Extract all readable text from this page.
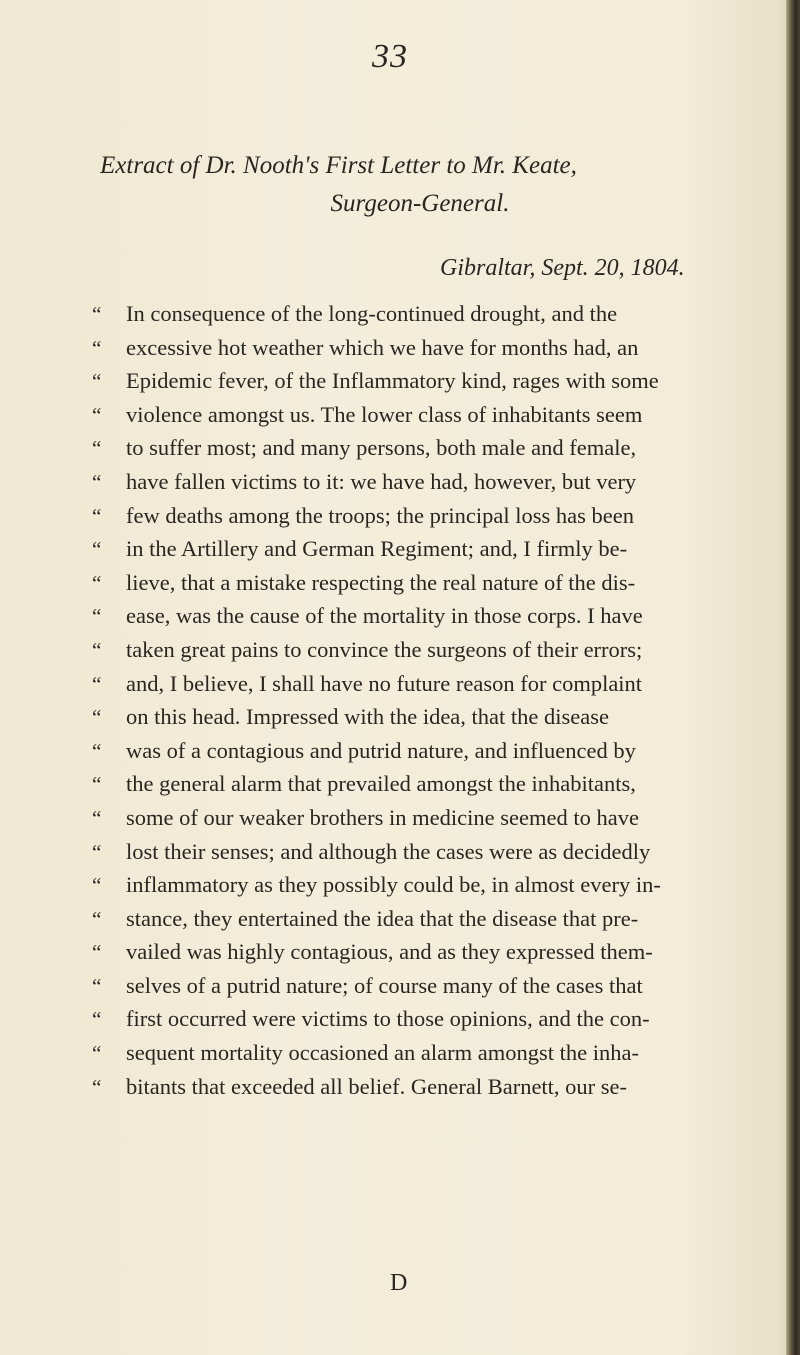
33
Extract of Dr. Nooth's First Letter to Mr. Keate,
Surgeon-General.
Gibraltar, Sept. 20, 1804.
“	In consequence of the long-continued drought, and the
“	excessive hot weather which we have for months had, an
“	Epidemic fever, of the Inflammatory kind, rages with some
“	violence amongst us. The lower class of inhabitants seem
“	to suffer most; and many persons, both male and female,
“	have fallen victims to it: we have had, however, but very
“	few deaths among the troops; the principal loss has been
“	in the Artillery and German Regiment; and, I firmly be-
“	lieve, that a mistake respecting the real nature of the dis-
“	ease, was the cause of the mortality in those corps. I have
“	taken great pains to convince the surgeons of their errors;
“	and, I believe, I shall have no future reason for complaint
“	on this head. Impressed with the idea, that the disease
“	was of a contagious and putrid nature, and influenced by
“	the general alarm that prevailed amongst the inhabitants,
“	some of our weaker brothers in medicine seemed to have
“	lost their senses; and although the cases were as decidedly
“	inflammatory as they possibly could be, in almost every in-
“	stance, they entertained the idea that the disease that pre-
“	vailed was highly contagious, and as they expressed them-
“	selves of a putrid nature; of course many of the cases that
“	first occurred were victims to those opinions, and the con-
“	sequent mortality occasioned an alarm amongst the inha-
“	bitants that exceeded all belief. General Barnett, our se-
D
